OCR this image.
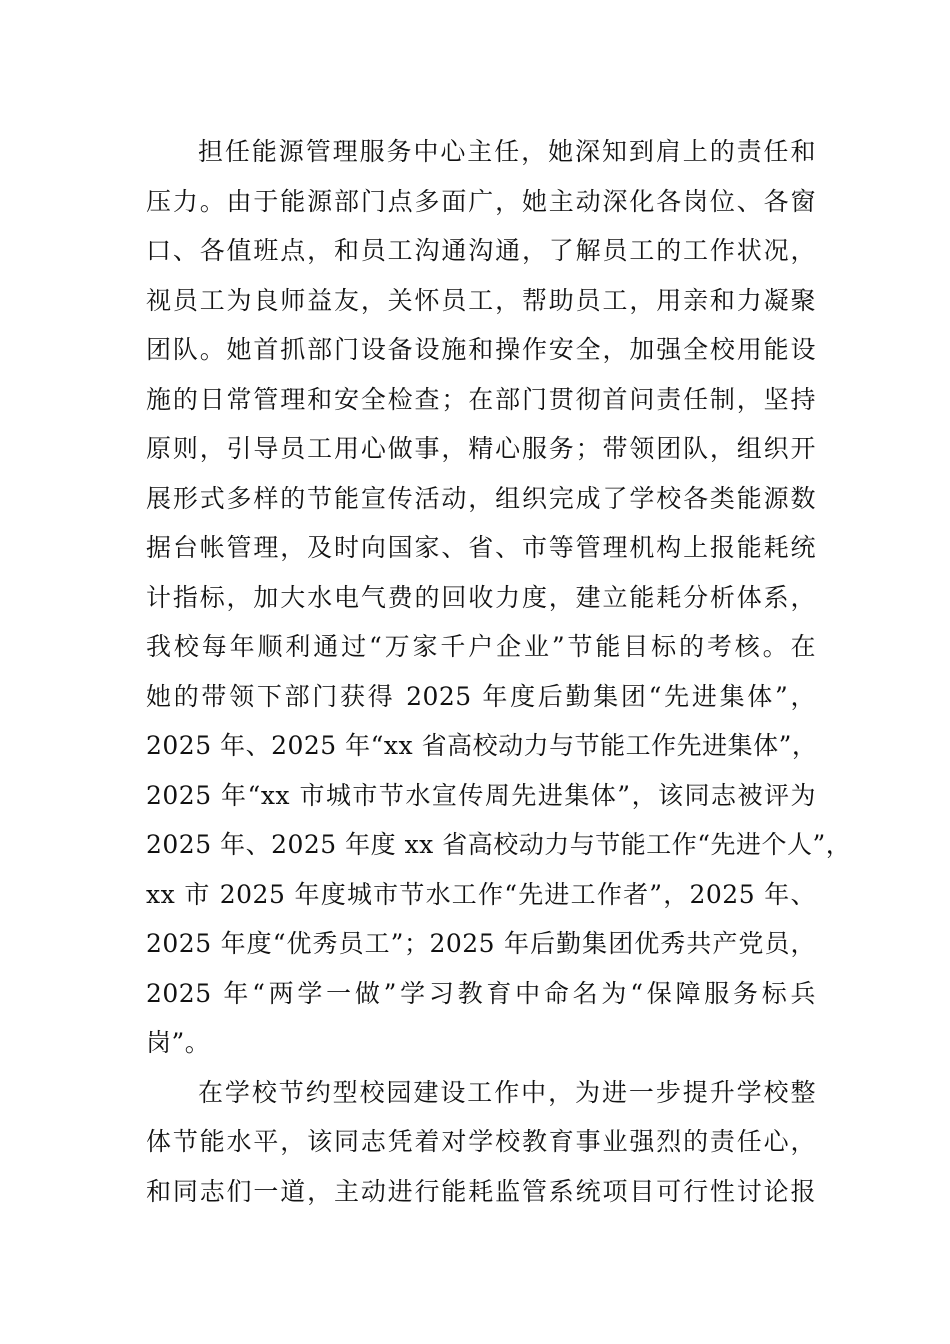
担任能源管理服务中心主任，她深知到肩上的责任和
压力。由于能源部门点多面广，她主动深化各岗位、各窗
口、各值班点，和员工沟通沟通，了解员工的工作状况，
视员工为良师益友，关怀员工，帮助员工，用亲和力凝聚
团队。她首抓部门设备设施和操作安全，加强全校用能设
施的日常管理和安全检查；在部门贯彻首问责任制，坚持
原则，引导员工用心做事，精心服务；带领团队，组织开
展形式多样的节能宣传活动，组织完成了学校各类能源数
据台帐管理，及时向国家、省、市等管理机构上报能耗统
计指标，加大水电气费的回收力度，建立能耗分析体系，
我校每年顺利通过“万家千户企业”节能目标的考核。在
她的带领下部门获得 2025 年度后勤集团“先进集体”，
2025 年、2025 年“xx 省高校动力与节能工作先进集体”，
2025 年“xx 市城市节水宣传周先进集体”，该同志被评为
2025 年、2025 年度 xx 省高校动力与节能工作“先进个人”，
xx 市 2025 年度城市节水工作“先进工作者”，2025 年、
2025 年度“优秀员工”；2025 年后勤集团优秀共产党员，
2025 年“两学一做”学习教育中命名为“保障服务标兵
岗”。
在学校节约型校园建设工作中，为进一步提升学校整
体节能水平，该同志凭着对学校教育事业强烈的责任心，
和同志们一道，主动进行能耗监管系统项目可行性讨论报
